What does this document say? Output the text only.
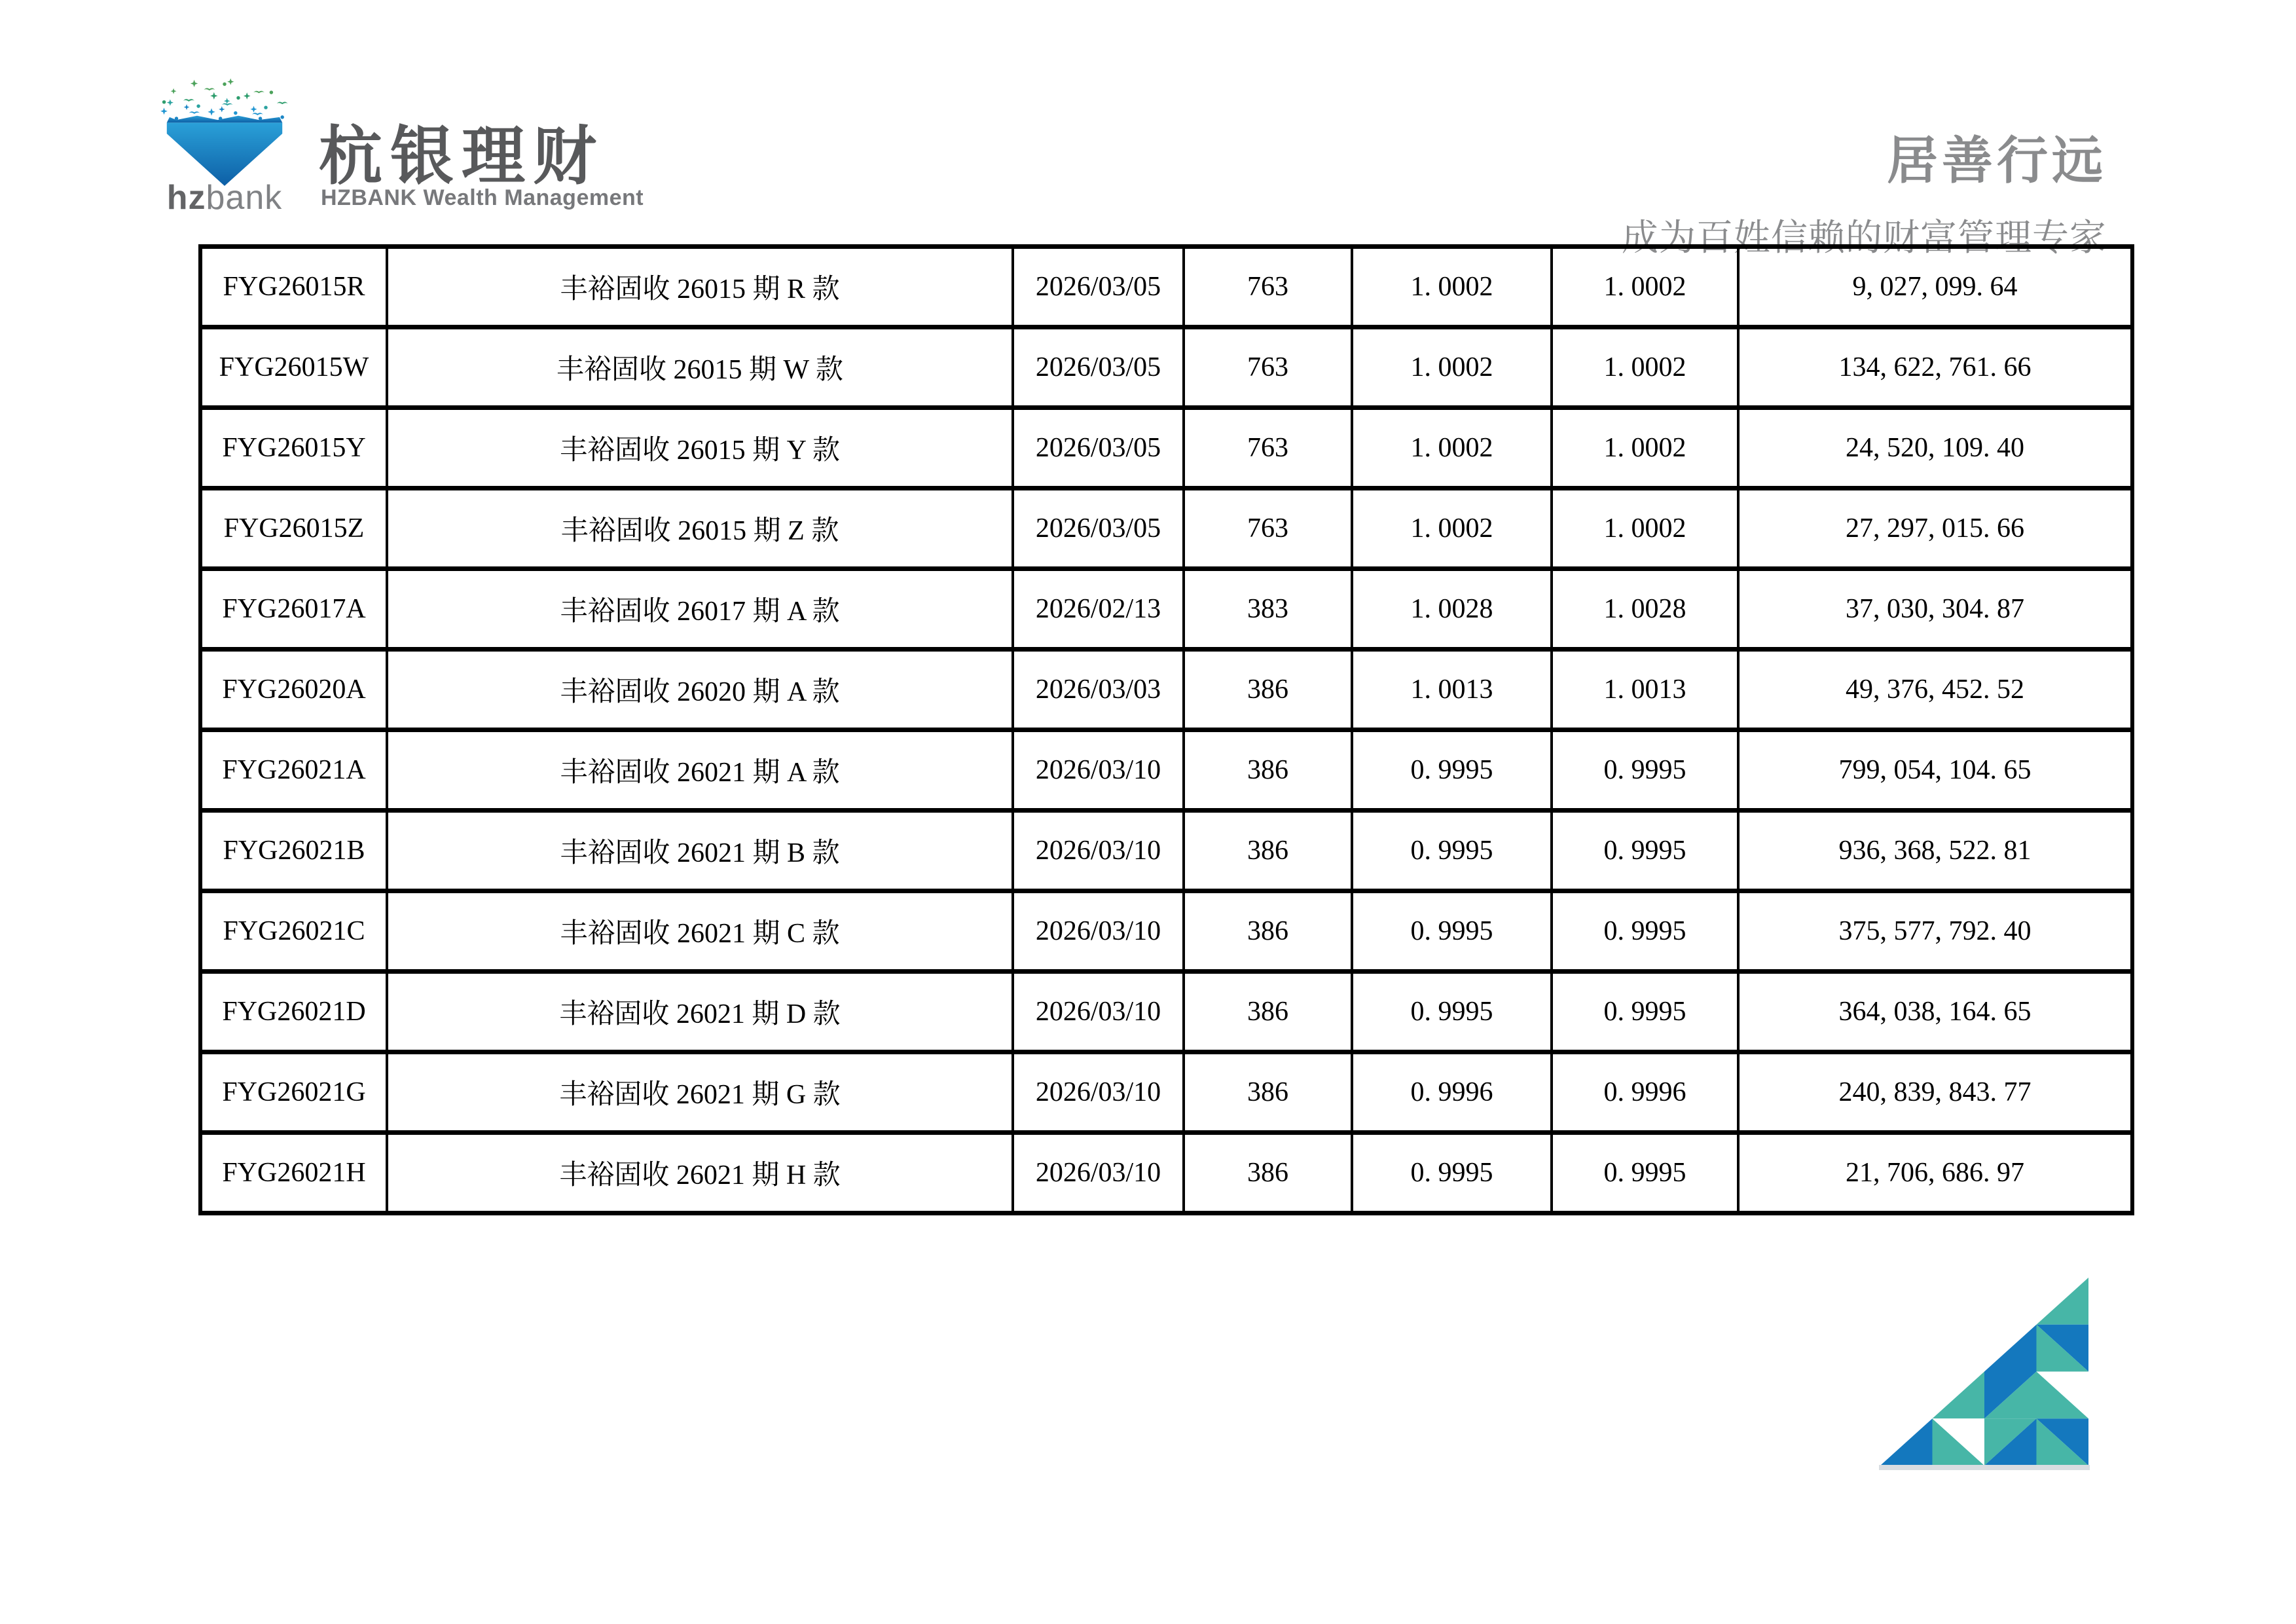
hzbank
杭银理财
HZBANK Wealth Management
居善行远
成为百姓信赖的财富管理专家
FYG26015R	丰裕固收 26015 期 R 款	2026/03/05	763	1. 0002	1. 0002	9, 027, 099. 64
FYG26015W	丰裕固收 26015 期 W 款	2026/03/05	763	1. 0002	1. 0002	134, 622, 761. 66
FYG26015Y	丰裕固收 26015 期 Y 款	2026/03/05	763	1. 0002	1. 0002	24, 520, 109. 40
FYG26015Z	丰裕固收 26015 期 Z 款	2026/03/05	763	1. 0002	1. 0002	27, 297, 015. 66
FYG26017A	丰裕固收 26017 期 A 款	2026/02/13	383	1. 0028	1. 0028	37, 030, 304. 87
FYG26020A	丰裕固收 26020 期 A 款	2026/03/03	386	1. 0013	1. 0013	49, 376, 452. 52
FYG26021A	丰裕固收 26021 期 A 款	2026/03/10	386	0. 9995	0. 9995	799, 054, 104. 65
FYG26021B	丰裕固收 26021 期 B 款	2026/03/10	386	0. 9995	0. 9995	936, 368, 522. 81
FYG26021C	丰裕固收 26021 期 C 款	2026/03/10	386	0. 9995	0. 9995	375, 577, 792. 40
FYG26021D	丰裕固收 26021 期 D 款	2026/03/10	386	0. 9995	0. 9995	364, 038, 164. 65
FYG26021G	丰裕固收 26021 期 G 款	2026/03/10	386	0. 9996	0. 9996	240, 839, 843. 77
FYG26021H	丰裕固收 26021 期 H 款	2026/03/10	386	0. 9995	0. 9995	21, 706, 686. 97
